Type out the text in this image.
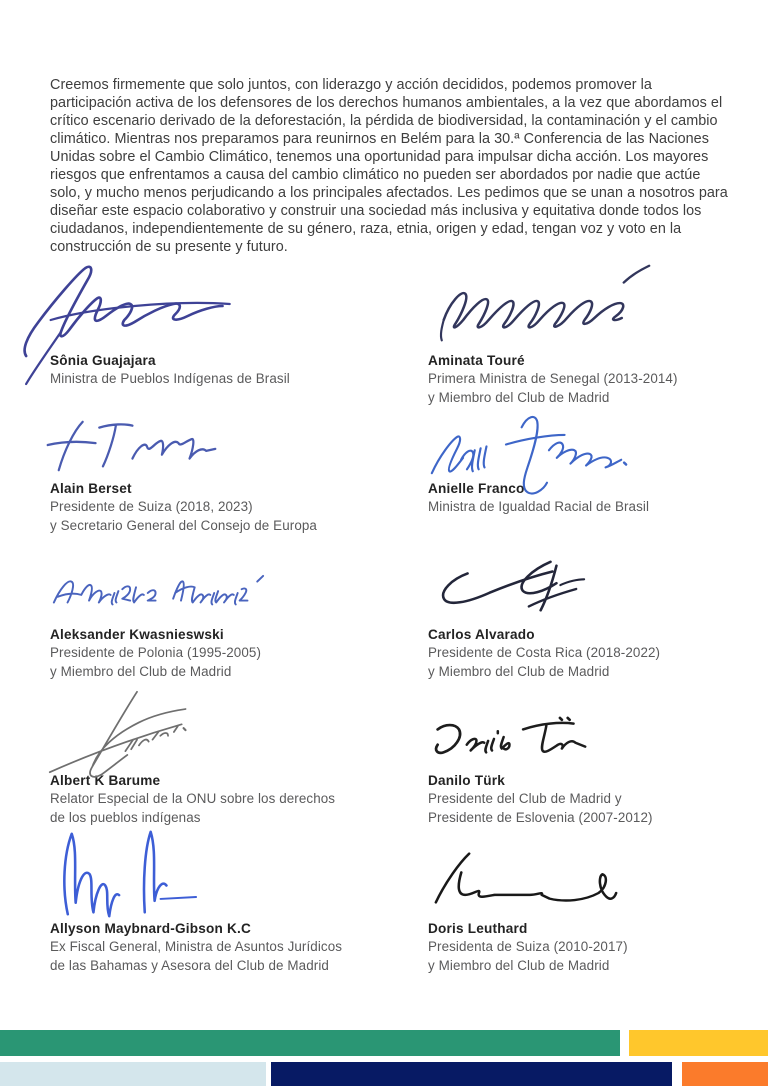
Creemos firmemente que solo juntos, con liderazgo y acción decididos, podemos promover la participación activa de los defensores de los derechos humanos ambientales, a la vez que abordamos el crítico escenario derivado de la deforestación, la pérdida de biodiversidad, la contaminación y el cambio climático. Mientras nos preparamos para reunirnos en Belém para la 30.ª Conferencia de las Naciones Unidas sobre el Cambio Climático, tenemos una oportunidad para impulsar dicha acción. Los mayores riesgos que enfrentamos a causa del cambio climático no pueden ser abordados por nadie que actúe solo, y mucho menos perjudicando a los principales afectados. Les pedimos que se unan a nosotros para diseñar este espacio colaborativo y construir una sociedad más inclusiva y equitativa donde todos los ciudadanos, independientemente de su género, raza, etnia, origen y edad, tengan voz y voto en la construcción de su presente y futuro.

Sônia Guajajara
Ministra de Pueblos Indígenas de Brasil
Aminata Touré
Primera Ministra de Senegal (2013-2014)
y Miembro del Club de Madrid
Alain Berset
Presidente de Suiza (2018, 2023)
y Secretario General del Consejo de Europa
Anielle Franco
Ministra de Igualdad Racial de Brasil
Aleksander Kwasnieswski
Presidente de Polonia (1995-2005)
y Miembro del Club de Madrid
Carlos Alvarado
Presidente de Costa Rica (2018-2022)
y Miembro del Club de Madrid
Albert K Barume
Relator Especial de la ONU sobre los derechos
de los pueblos indígenas
Danilo Türk
Presidente del Club de Madrid y
Presidente de Eslovenia (2007-2012)
Allyson Maybnard-Gibson K.C
Ex Fiscal General, Ministra de Asuntos Jurídicos
de las Bahamas y Asesora del Club de Madrid
Doris Leuthard
Presidenta de Suiza (2010-2017)
y Miembro del Club de Madrid
